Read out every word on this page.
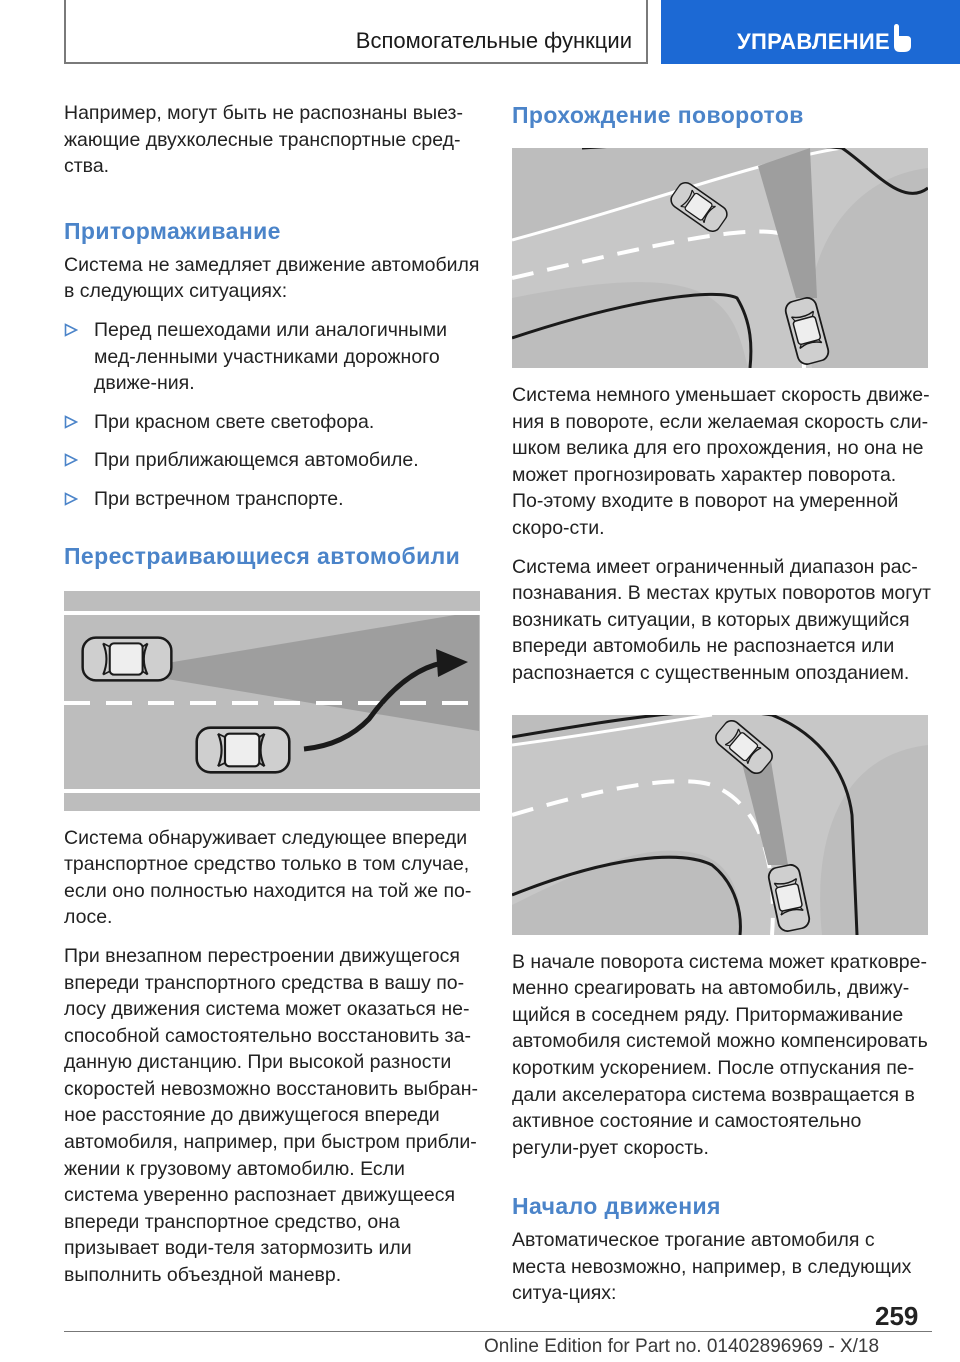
Вспомогательные функции	УПРАВЛЕНИЕ

Например, могут быть не распознаны выез-жающие двухколесные транспортные сред-ства.

Притормаживание

Система не замедляет движение автомобиля в следующих ситуациях:

Перед пешеходами или аналогичными мед-ленными участниками дорожного движе-ния.
При красном свете светофора.
При приближающемся автомобиле.
При встречном транспорте.
Перестраивающиеся автомобили

Система обнаруживает следующее впереди транспортное средство только в том случае, если оно полностью находится на той же по-лосе.

При внезапном перестроении движущегося впереди транспортного средства в вашу по-лосу движения система может оказаться не-способной самостоятельно восстановить за-данную дистанцию. При высокой разности скоростей невозможно восстановить выбран-ное расстояние до движущегося впереди автомобиля, например, при быстром прибли-жении к грузовому автомобилю. Если система уверенно распознает движущееся впереди транспортное средство, она призывает води-теля затормозить или выполнить объездной маневр.

Прохождение поворотов

Система немного уменьшает скорость движе-ния в повороте, если желаемая скорость сли-шком велика для его прохождения, но она не может прогнозировать характер поворота. По-этому входите в поворот на умеренной скоро-сти.

Система имеет ограниченный диапазон рас-познавания. В местах крутых поворотов могут возникать ситуации, в которых движущийся впереди автомобиль не распознается или распознается с существенным опозданием.

В начале поворота система может кратковре-менно среагировать на автомобиль, движу-щийся в соседнем ряду. Притормаживание автомобиля системой можно компенсировать коротким ускорением. После отпускания пе-дали акселератора система возвращается в активное состояние и самостоятельно регули-рует скорость.

Начало движения

Автоматическое трогание автомобиля с места невозможно, например, в следующих ситуа-циях:

259
Online Edition for Part no. 01402896969 - X/18
